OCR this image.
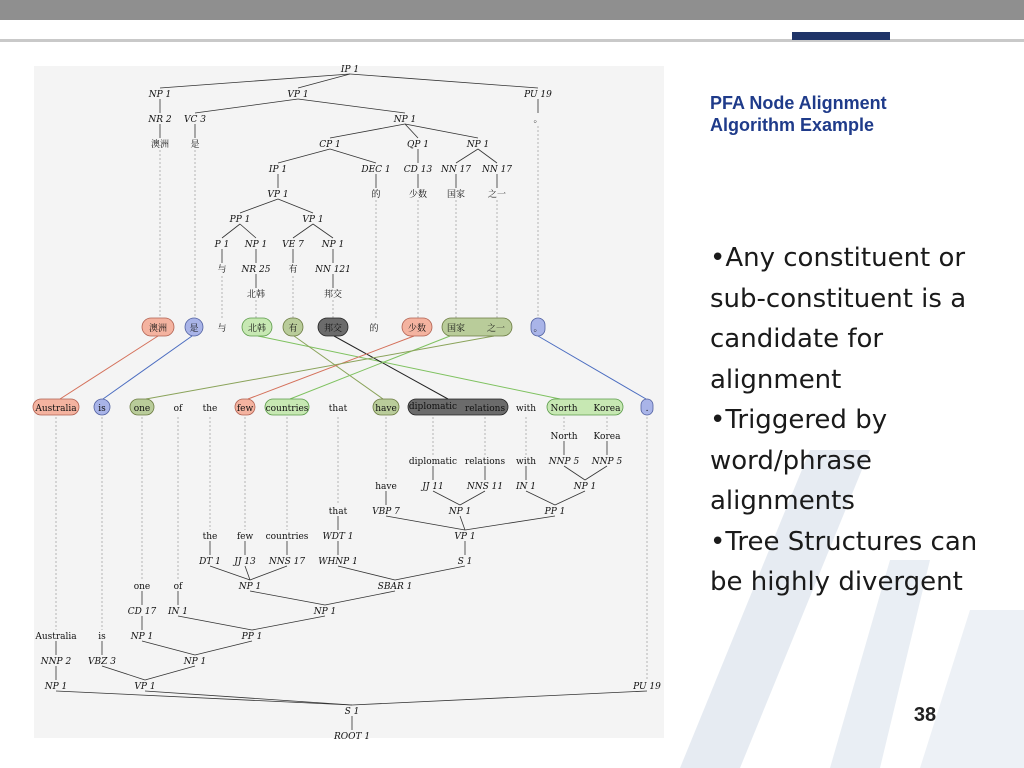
IP 1
NP 1	VP 1	PU 19
NR 2 VC 3	NP 1	。
澳洲 是	CP 1	QP 1	NP 1
IP 1	DEC 1 CD 13 NN 17 NN 17
VP 1	的	少数 国家	之一
PP 1	VP 1
P 1 NP 1 VE 7 NP 1
与 NR 25 有 NN 121
北韩	邦交
澳洲 是 与 北韩 有	邦交	的	少数 国家 之一	。
Australia is	one	of the few countries that	have diplomatic relations with North Korea	.
North Korea
NNP 5 NNP 5
diplomatic relations with
have	JJ 11	NNS 11 IN 1	NP 1
that	VBP 7	NP 1	PP 1
the few countries WDT 1	VP 1
DT 1 JJ 13 NNS 17 WHNP 1	S 1
one	of	NP 1	SBAR 1
CD 17 IN 1	NP 1
Australia is	NP 1	PP 1
NNP 2 VBZ 3	NP 1
NP 1	VP 1	PU 19
S 1
ROOT 1
PFA Node Alignment
Algorithm Example
•Any constituent or sub-constituent is a candidate for alignment
•Triggered by word/phrase alignments
•Tree Structures can be highly divergent
38
